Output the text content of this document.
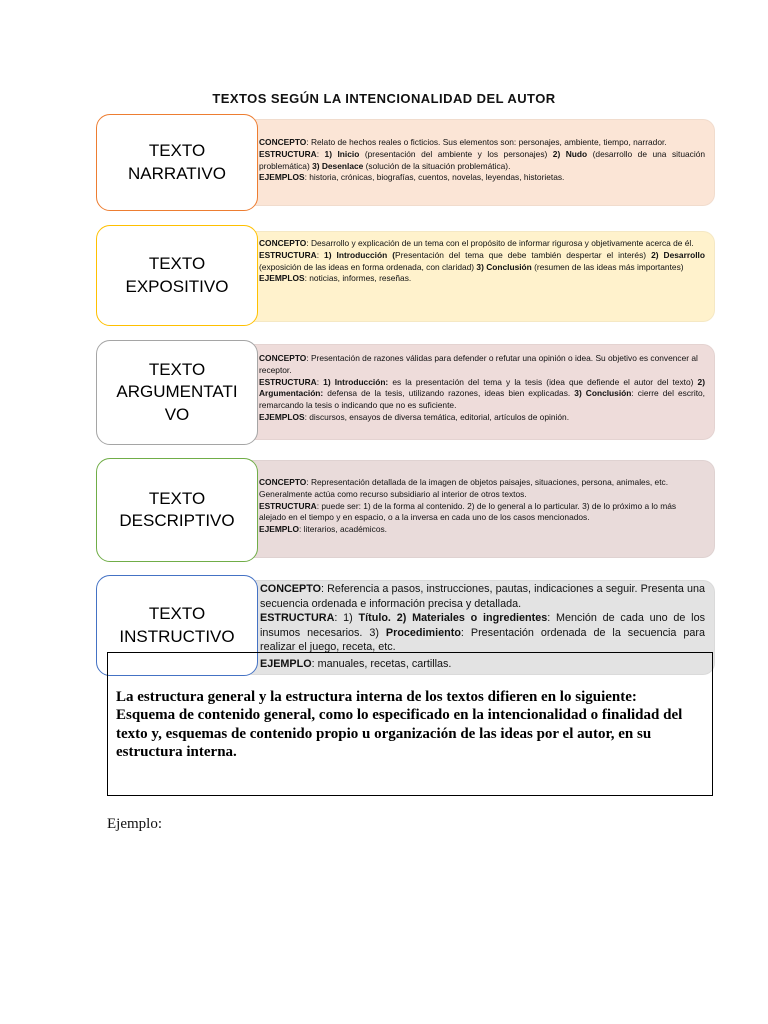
TEXTOS SEGÚN LA INTENCIONALIDAD DEL AUTOR
TEXTO NARRATIVO

CONCEPTO: Relato de hechos reales o ficticios. Sus elementos son: personajes, ambiente, tiempo, narrador.

ESTRUCTURA: 1) Inicio (presentación del ambiente y los personajes) 2) Nudo (desarrollo de una situación problemática) 3) Desenlace (solución de la situación problemática).

EJEMPLOS: historia, crónicas, biografías, cuentos, novelas, leyendas, historietas.

TEXTO EXPOSITIVO

CONCEPTO: Desarrollo y explicación de un tema con el propósito de informar rigurosa y objetivamente acerca de él.

ESTRUCTURA: 1) Introducción (Presentación del tema que debe también despertar el interés) 2) Desarrollo (exposición de las ideas en forma ordenada, con claridad) 3) Conclusión (resumen de las ideas más importantes)

EJEMPLOS: noticias, informes, reseñas.

TEXTO ARGUMENTATIVO

CONCEPTO: Presentación de razones válidas para defender o refutar una opinión o idea. Su objetivo es convencer al receptor.

ESTRUCTURA: 1) Introducción: es la presentación del tema y la tesis (idea que defiende el autor del texto) 2) Argumentación: defensa de la tesis, utilizando razones, ideas bien explicadas. 3) Conclusión: cierre del escrito, remarcando la tesis o indicando que no es suficiente.

EJEMPLOS: discursos, ensayos de diversa temática, editorial, artículos de opinión.

TEXTO DESCRIPTIVO

CONCEPTO: Representación detallada de la imagen de objetos paisajes, situaciones, persona, animales, etc. Generalmente actúa como recurso subsidiario al interior de otros textos.

ESTRUCTURA: puede ser: 1) de la forma al contenido. 2) de lo general a lo particular. 3) de lo próximo a lo más alejado en el tiempo y en espacio, o a la inversa en cada uno de los casos mencionados.

EJEMPLO: literarios, académicos.

TEXTO INSTRUCTIVO

CONCEPTO: Referencia a pasos, instrucciones, pautas, indicaciones a seguir. Presenta una secuencia ordenada e información precisa y detallada.

ESTRUCTURA: 1) Título. 2) Materiales o ingredientes: Mención de cada uno de los insumos necesarios. 3) Procedimiento: Presentación ordenada de la secuencia para realizar el juego, receta, etc.

EJEMPLO: manuales, recetas, cartillas.

La estructura general y la estructura interna de los textos difieren en lo siguiente:
Esquema de contenido general, como lo especificado en la intencionalidad o finalidad del texto y, esquemas de contenido propio u organización de las ideas por el autor, en su estructura interna.
Ejemplo:
